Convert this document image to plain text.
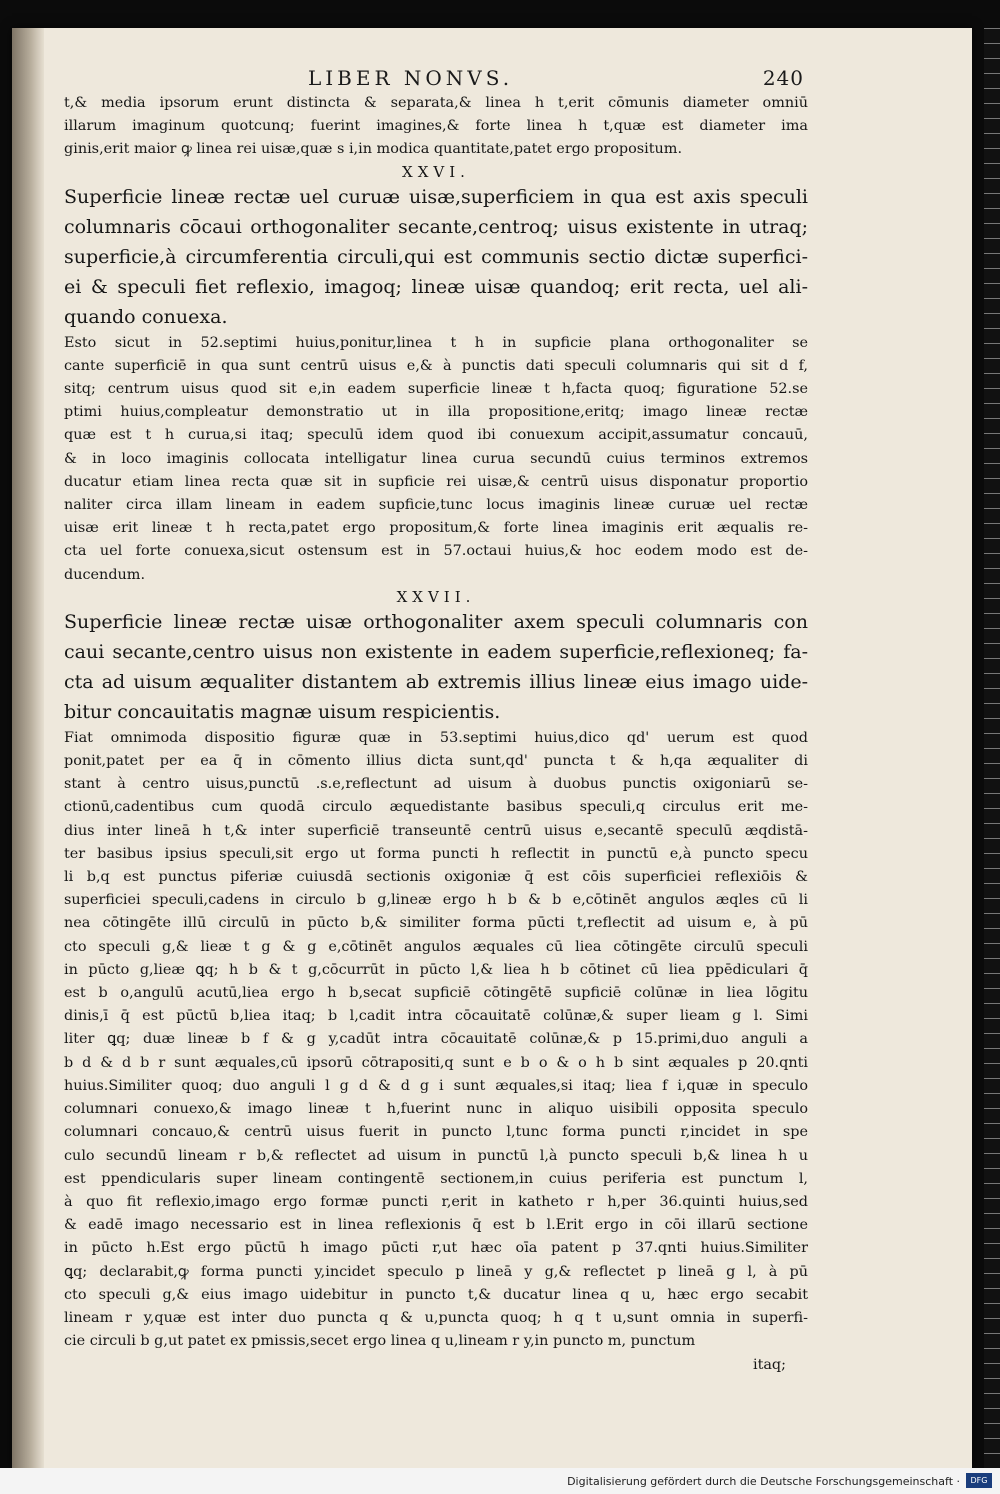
LIBER NONVS.	240
t,& media ipsorum erunt distincta & separata,& linea h t,erit cōmunis diameter omniū
illarum imaginum quotcunq; fuerint imagines,& forte linea h t,quæ est diameter ima
ginis,erit maior ꝙ linea rei uisæ,quæ s i,in modica quantitate,patet ergo propositum.
XXVI.
Superficie lineæ rectæ uel curuæ uisæ,superficiem in qua est axis speculi
columnaris cōcaui orthogonaliter secante,centroq; uisus existente in utraq;
superficie,à circumferentia circuli,qui est communis sectio dictæ superfici-
ei & speculi fiet reflexio, imagoq; lineæ uisæ quandoq; erit recta, uel ali-
quando conuexa.
Esto sicut in 52.septimi huius,ponitur,linea t h in supficie plana orthogonaliter se
cante superficiē in qua sunt centrū uisus e,& à punctis dati speculi columnaris qui sit d f,
sitq; centrum uisus quod sit e,in eadem superficie lineæ t h,facta quoq; figuratione 52.se
ptimi huius,compleatur demonstratio ut in illa propositione,eritq; imago lineæ rectæ
quæ est t h curua,si itaq; speculū idem quod ibi conuexum accipit,assumatur concauū,
& in loco imaginis collocata intelligatur linea curua secundū cuius terminos extremos
ducatur etiam linea recta quæ sit in supficie rei uisæ,& centrū uisus disponatur proportio
naliter circa illam lineam in eadem supficie,tunc locus imaginis lineæ curuæ uel rectæ
uisæ erit lineæ t h recta,patet ergo propositum,& forte linea imaginis erit æqualis re-
cta uel forte conuexa,sicut ostensum est in 57.octaui huius,& hoc eodem modo est de-
ducendum.
XXVII.
Superficie lineæ rectæ uisæ orthogonaliter axem speculi columnaris con
caui secante,centro uisus non existente in eadem superficie,reflexioneq; fa-
cta ad uisum æqualiter distantem ab extremis illius lineæ eius imago uide-
bitur concauitatis magnæ uisum respicientis.
Fiat omnimoda dispositio figuræ quæ in 53.septimi huius,dico qd' uerum est quod
ponit,patet per ea q̄ in cōmento illius dicta sunt,qd' puncta t & h,qa æqualiter di
stant à centro uisus,punctū .s.e,reflectunt ad uisum à duobus punctis oxigoniarū se-
ctionū,cadentibus cum quodā circulo æquedistante basibus speculi,q circulus erit me-
dius inter lineā h t,& inter superficiē transeuntē centrū uisus e,secantē speculū æqdistā-
ter basibus ipsius speculi,sit ergo ut forma puncti h reflectit in punctū e,à puncto specu
li b,q est punctus piferiæ cuiusdā sectionis oxigoniæ q̄ est cōis superficiei reflexiōis &
superficiei speculi,cadens in circulo b g,lineæ ergo h b & b e,cōtinēt angulos æqles cū li
nea cōtingēte illū circulū in pūcto b,& similiter forma pūcti t,reflectit ad uisum e, à pū
cto speculi g,& lieæ t g & g e,cōtinēt angulos æquales cū liea cōtingēte circulū speculi
in pūcto g,lieæ ꝗq; h b & t g,cōcurrūt in pūcto l,& liea h b cōtinet cū liea ppēdiculari q̄
est b o,angulū acutū,liea ergo h b,secat supficiē cōtingētē supficiē colūnæ in liea lōgitu
dinis,ī q̄ est pūctū b,liea itaq; b l,cadit intra cōcauitatē colūnæ,& super lieam g l. Simi
liter ꝗq; duæ lineæ b f & g y,cadūt intra cōcauitatē colūnæ,& p 15.primi,duo anguli a
b d & d b r sunt æquales,cū ipsorū cōtrapositi,q sunt e b o & o h b sint æquales p 20.qnti
huius.Similiter quoq; duo anguli l g d & d g i sunt æquales,si itaq; liea f i,quæ in speculo
columnari conuexo,& imago lineæ t h,fuerint nunc in aliquo uisibili opposita speculo
columnari concauo,& centrū uisus fuerit in puncto l,tunc forma puncti r,incidet in spe
culo secundū lineam r b,& reflectet ad uisum in punctū l,à puncto speculi b,& linea h u
est ppendicularis super lineam contingentē sectionem,in cuius periferia est punctum l,
à quo fit reflexio,imago ergo formæ puncti r,erit in katheto r h,per 36.quinti huius,sed
& eadē imago necessario est in linea reflexionis q̄ est b l.Erit ergo in cōi illarū sectione
in pūcto h.Est ergo pūctū h imago pūcti r,ut hæc oīa patent p 37.qnti huius.Similiter
ꝗq; declarabit,ꝙ forma puncti y,incidet speculo p lineā y g,& reflectet p lineā g l, à pū
cto speculi g,& eius imago uidebitur in puncto t,& ducatur linea q u, hæc ergo secabit
lineam r y,quæ est inter duo puncta q & u,puncta quoq; h q t u,sunt omnia in superfi-
cie circuli b g,ut patet ex pmissis,secet ergo linea q u,lineam r y,in puncto m, punctum
itaq;
Digitalisierung gefördert durch die Deutsche Forschungsgemeinschaft ·	DFG
